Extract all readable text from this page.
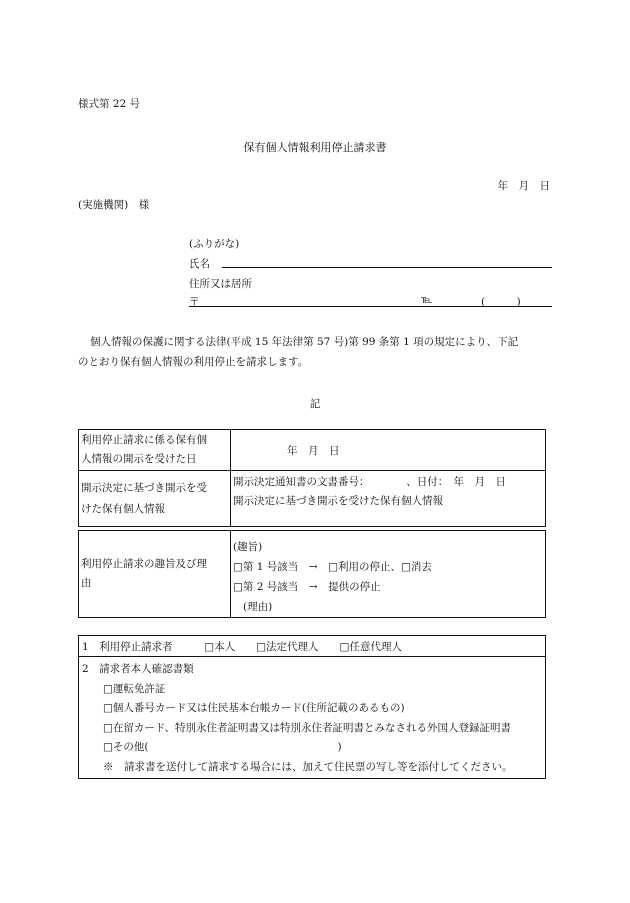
様式第 22 号
保有個人情報利用停止請求書
年　月　日
(実施機関)　様
(ふりがな)
氏名
住所又は居所
〒	℡	(　　　)
個人情報の保護に関する法律(平成 15 年法律第 57 号)第 99 条第 1 項の規定により、下記
のとおり保有個人情報の利用停止を請求します。
記
利用停止請求に係る保有個
人情報の開示を受けた日	年　月　日

開示決定に基づき開示を受
けた保有個人情報	開示決定通知書の文書番号：　　　　、日付：　年　月　日
開示決定に基づき開示を受けた保有個人情報

利用停止請求の趣旨及び理
由	(趣旨)
□第 1 号該当　→　□利用の停止、□消去
□第 2 号該当　→　提供の停止
(理由)
1　利用停止請求者　　　□本人　　□法定代理人　　□任意代理人

2　請求者本人確認書類
□運転免許証
□個人番号カード又は住民基本台帳カード(住所記載のあるもの)
□在留カード、特別永住者証明書又は特別永住者証明書とみなされる外国人登録証明書
□その他(　　　　　　　　　　　　　　　　　　)
※　請求書を送付して請求する場合には、加えて住民票の写し等を添付してください。
